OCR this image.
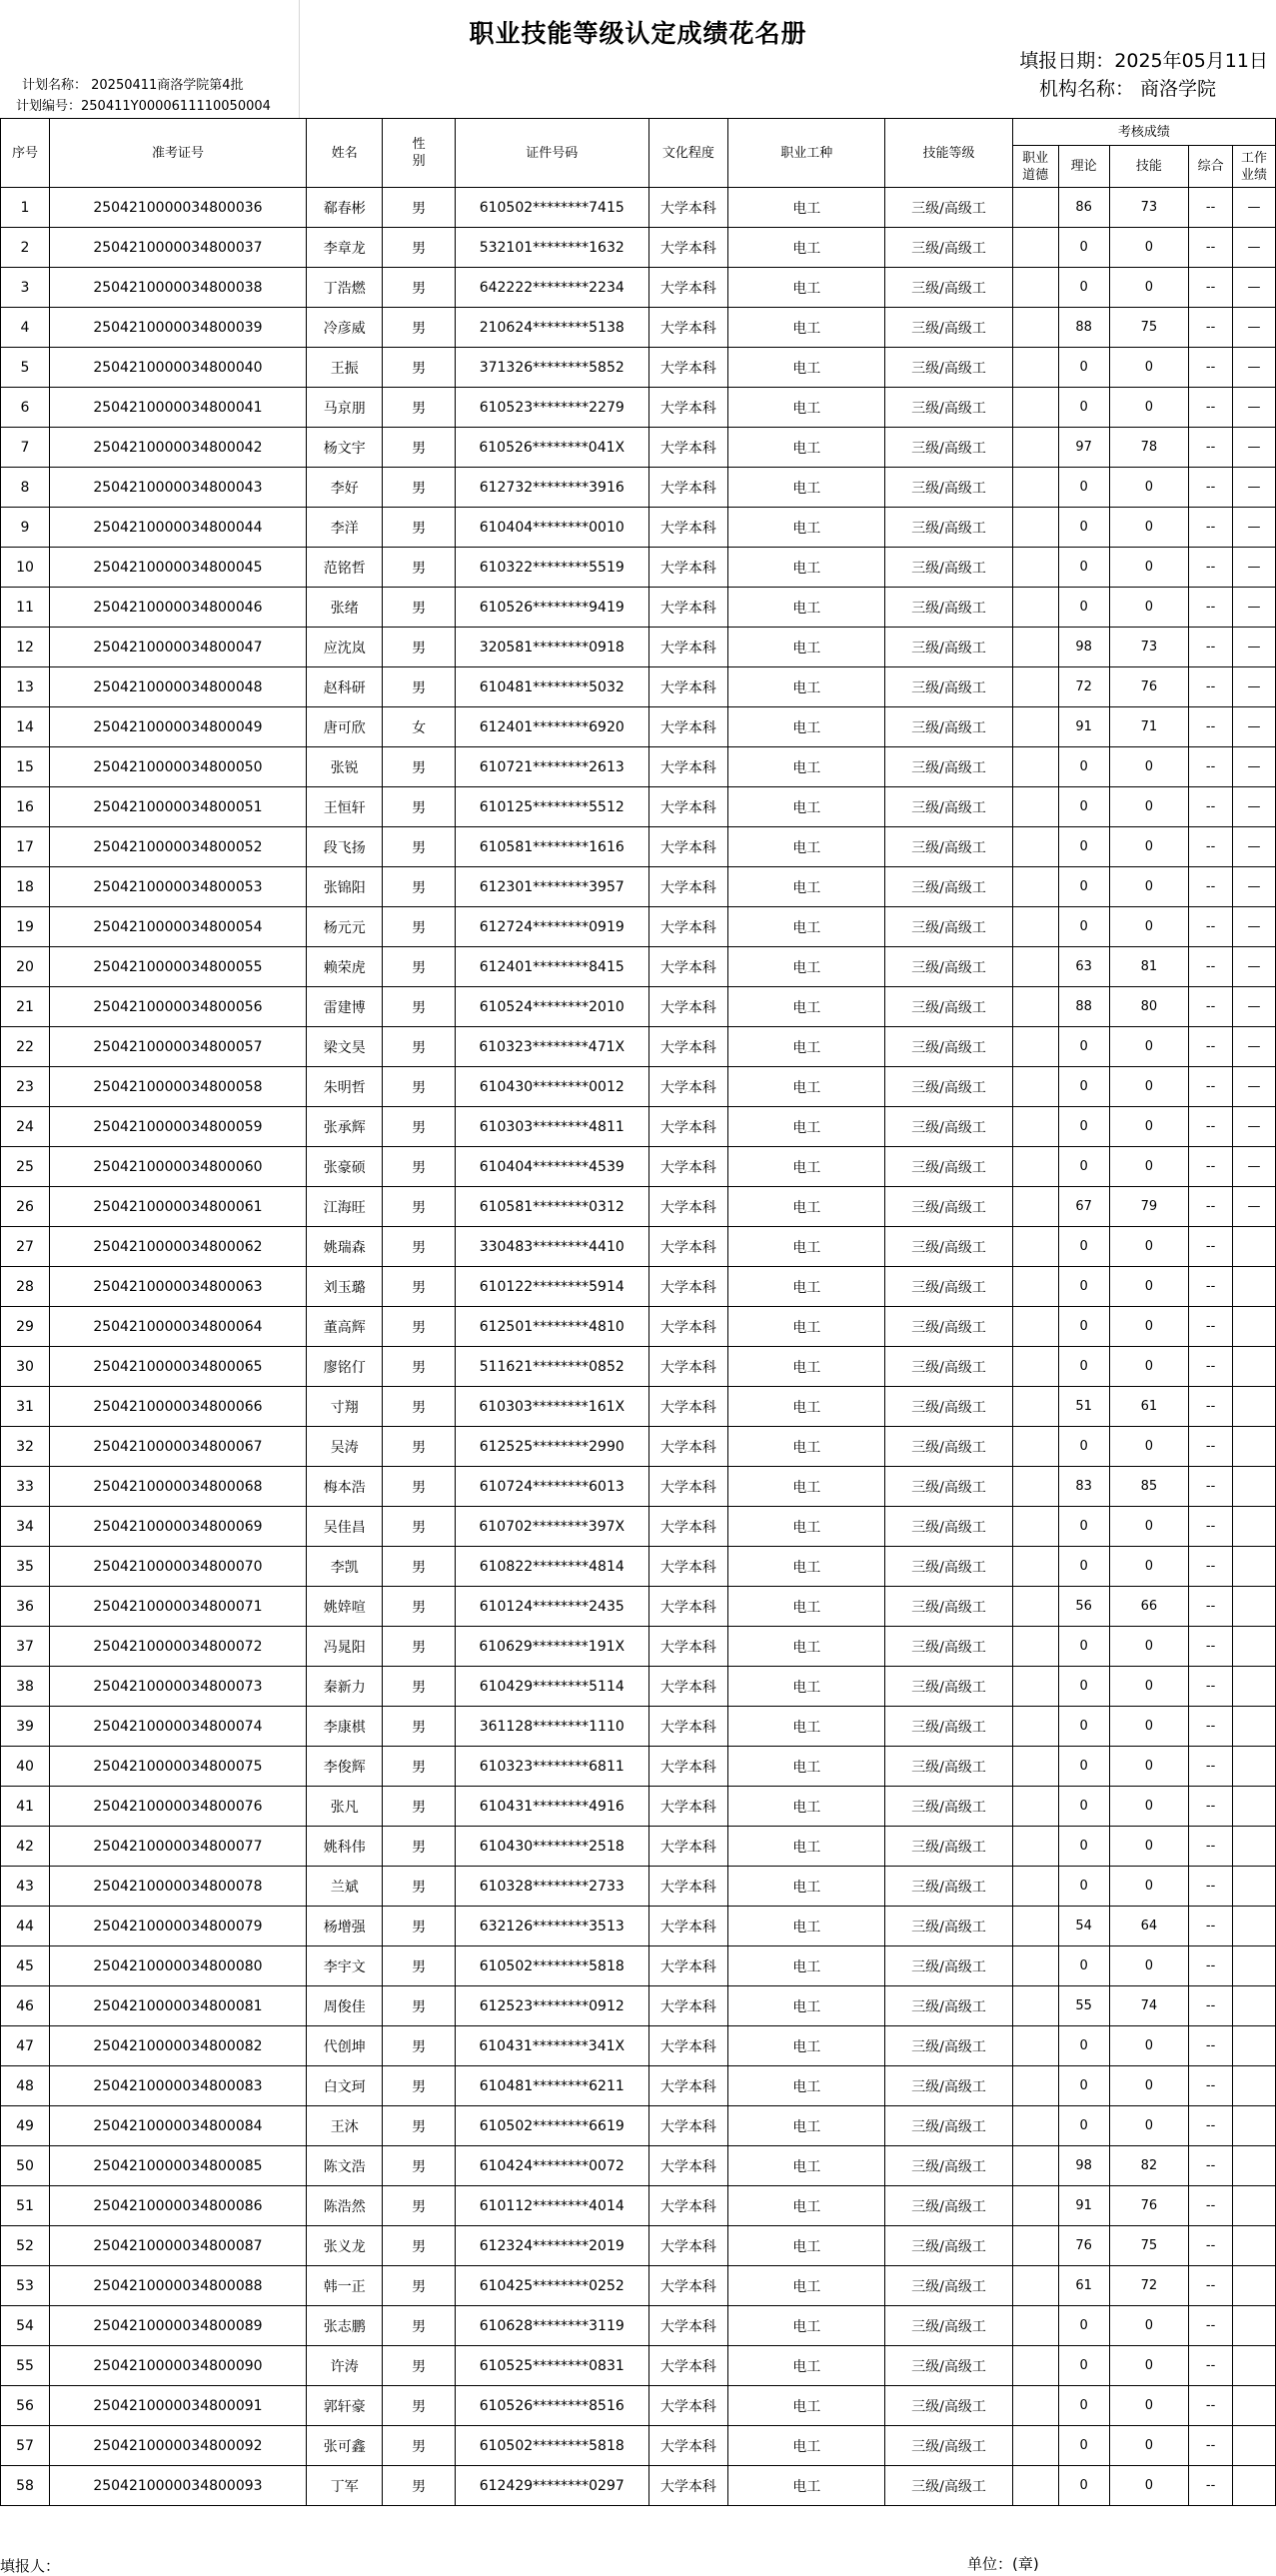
职业技能等级认定成绩花名册
填报日期：2025年05月11日
机构名称： 商洛学院
计划名称： 20250411商洛学院第4批
计划编号：250411Y00006111100500​04
序号	准考证号	姓名	性别	证件号码	文化程度	职业工种	技能等级	考核成绩				

								职业道德	理论	技能	综合	工作业绩

1	250421000003480003​6	郗春彬	男	610502********7415	大学本科	电工	三级/高级工		86	73	--	—
2	2504210000034800037	李章龙	男	532101********1632	大学本科	电工	三级/高级工		0	0	--	—
3	2504210000034800038	丁浩燃	男	642222********2234	大学本科	电工	三级/高级工		0	0	--	—
4	2504210000034800039	冷彦威	男	210624********5138	大学本科	电工	三级/高级工		88	75	--	—
5	2504210000034800040	王振	男	371326********5852	大学本科	电工	三级/高级工		0	0	--	—
6	2504210000034800041	马京朋	男	610523********2279	大学本科	电工	三级/高级工		0	0	--	—
7	2504210000034800042	杨文宇	男	610526********041X	大学本科	电工	三级/高级工		97	78	--	—
8	2504210000034800043	李好	男	612732********3916	大学本科	电工	三级/高级工		0	0	--	—
9	2504210000034800044	李洋	男	610404********0010	大学本科	电工	三级/高级工		0	0	--	—
10	2504210000034800045	范铭哲	男	610322********5519	大学本科	电工	三级/高级工		0	0	--	—
11	2504210000034800046	张绪	男	610526********9419	大学本科	电工	三级/高级工		0	0	--	—
12	2504210000034800047	应沈岚	男	320581********0918	大学本科	电工	三级/高级工		98	73	--	—
13	2504210000034800048	赵科研	男	610481********5032	大学本科	电工	三级/高级工		72	76	--	—
14	2504210000034800049	唐可欣	女	612401********6920	大学本科	电工	三级/高级工		91	71	--	—
15	2504210000034800050	张锐	男	610721********2613	大学本科	电工	三级/高级工		0	0	--	—
16	2504210000034800051	王恒轩	男	610125********5512	大学本科	电工	三级/高级工		0	0	--	—
17	2504210000034800052	段飞扬	男	610581********1616	大学本科	电工	三级/高级工		0	0	--	—
18	2504210000034800053	张锦阳	男	612301********3957	大学本科	电工	三级/高级工		0	0	--	—
19	2504210000034800054	杨元元	男	612724********0919	大学本科	电工	三级/高级工		0	0	--	—
20	2504210000034800055	赖荣虎	男	612401********8415	大学本科	电工	三级/高级工		63	81	--	—
21	2504210000034800056	雷建博	男	610524********2010	大学本科	电工	三级/高级工		88	80	--	—
22	2504210000034800057	梁文昊	男	610323********471X	大学本科	电工	三级/高级工		0	0	--	—
23	2504210000034800058	朱明哲	男	610430********0012	大学本科	电工	三级/高级工		0	0	--	—
24	2504210000034800059	张承辉	男	610303********4811	大学本科	电工	三级/高级工		0	0	--	—
25	2504210000034800060	张豪硕	男	610404********4539	大学本科	电工	三级/高级工		0	0	--	—
26	2504210000034800061	江海旺	男	610581********0312	大学本科	电工	三级/高级工		67	79	--	—
27	2504210000034800062	姚瑞森	男	330483********4410	大学本科	电工	三级/高级工		0	0	--	
28	2504210000034800063	刘玉璐	男	610122********5914	大学本科	电工	三级/高级工		0	0	--	
29	2504210000034800064	董高辉	男	612501********4810	大学本科	电工	三级/高级工		0	0	--	
30	2504210000034800065	廖铭仃	男	511621********0852	大学本科	电工	三级/高级工		0	0	--	
31	2504210000034800066	寸翔	男	610303********161X	大学本科	电工	三级/高级工		51	61	--	
32	2504210000034800067	吴涛	男	612525********2990	大学本科	电工	三级/高级工		0	0	--	
33	2504210000034800068	梅本浩	男	610724********6013	大学本科	电工	三级/高级工		83	85	--	
34	2504210000034800069	吴佳昌	男	610702********397X	大学本科	电工	三级/高级工		0	0	--	
35	2504210000034800070	李凯	男	610822********4814	大学本科	电工	三级/高级工		0	0	--	
36	2504210000034800071	姚婞喧	男	610124********2435	大学本科	电工	三级/高级工		56	66	--	
37	2504210000034800072	冯晁阳	男	610629********191X	大学本科	电工	三级/高级工		0	0	--	
38	2504210000034800073	秦新力	男	610429********5114	大学本科	电工	三级/高级工		0	0	--	
39	2504210000034800074	李康棋	男	361128********1110	大学本科	电工	三级/高级工		0	0	--	
40	2504210000034800075	李俊辉	男	610323********6811	大学本科	电工	三级/高级工		0	0	--	
41	2504210000034800076	张凡	男	610431********4916	大学本科	电工	三级/高级工		0	0	--	
42	2504210000034800077	姚科伟	男	610430********2518	大学本科	电工	三级/高级工		0	0	--	
43	2504210000034800078	兰斌	男	610328********2733	大学本科	电工	三级/高级工		0	0	--	
44	2504210000034800079	杨增强	男	632126********3513	大学本科	电工	三级/高级工		54	64	--	
45	2504210000034800080	李宇文	男	610502********5818	大学本科	电工	三级/高级工		0	0	--	
46	2504210000034800081	周俊佳	男	612523********0912	大学本科	电工	三级/高级工		55	74	--	
47	2504210000034800082	代创坤	男	610431********341X	大学本科	电工	三级/高级工		0	0	--	
48	2504210000034800083	白文珂	男	610481********6211	大学本科	电工	三级/高级工		0	0	--	
49	2504210000034800084	王沐	男	610502********6619	大学本科	电工	三级/高级工		0	0	--	
50	2504210000034800085	陈文浩	男	610424********0072	大学本科	电工	三级/高级工		98	82	--	
51	2504210000034800086	陈浩然	男	610112********4014	大学本科	电工	三级/高级工		91	76	--	
52	2504210000034800087	张义龙	男	612324********2019	大学本科	电工	三级/高级工		76	75	--	
53	2504210000034800088	韩一正	男	610425********0252	大学本科	电工	三级/高级工		61	72	--	
54	2504210000034800089	张志鹏	男	610628********3119	大学本科	电工	三级/高级工		0	0	--	
55	2504210000034800090	许涛	男	610525********0831	大学本科	电工	三级/高级工		0	0	--	
56	2504210000034800091	郭轩豪	男	610526********8516	大学本科	电工	三级/高级工		0	0	--	
57	2504210000034800092	张可鑫	男	610502********5818	大学本科	电工	三级/高级工		0	0	--	
58	2504210000034800093	丁军	男	612429********0297	大学本科	电工	三级/高级工		0	0	--	
填报人：	单位：(章)
